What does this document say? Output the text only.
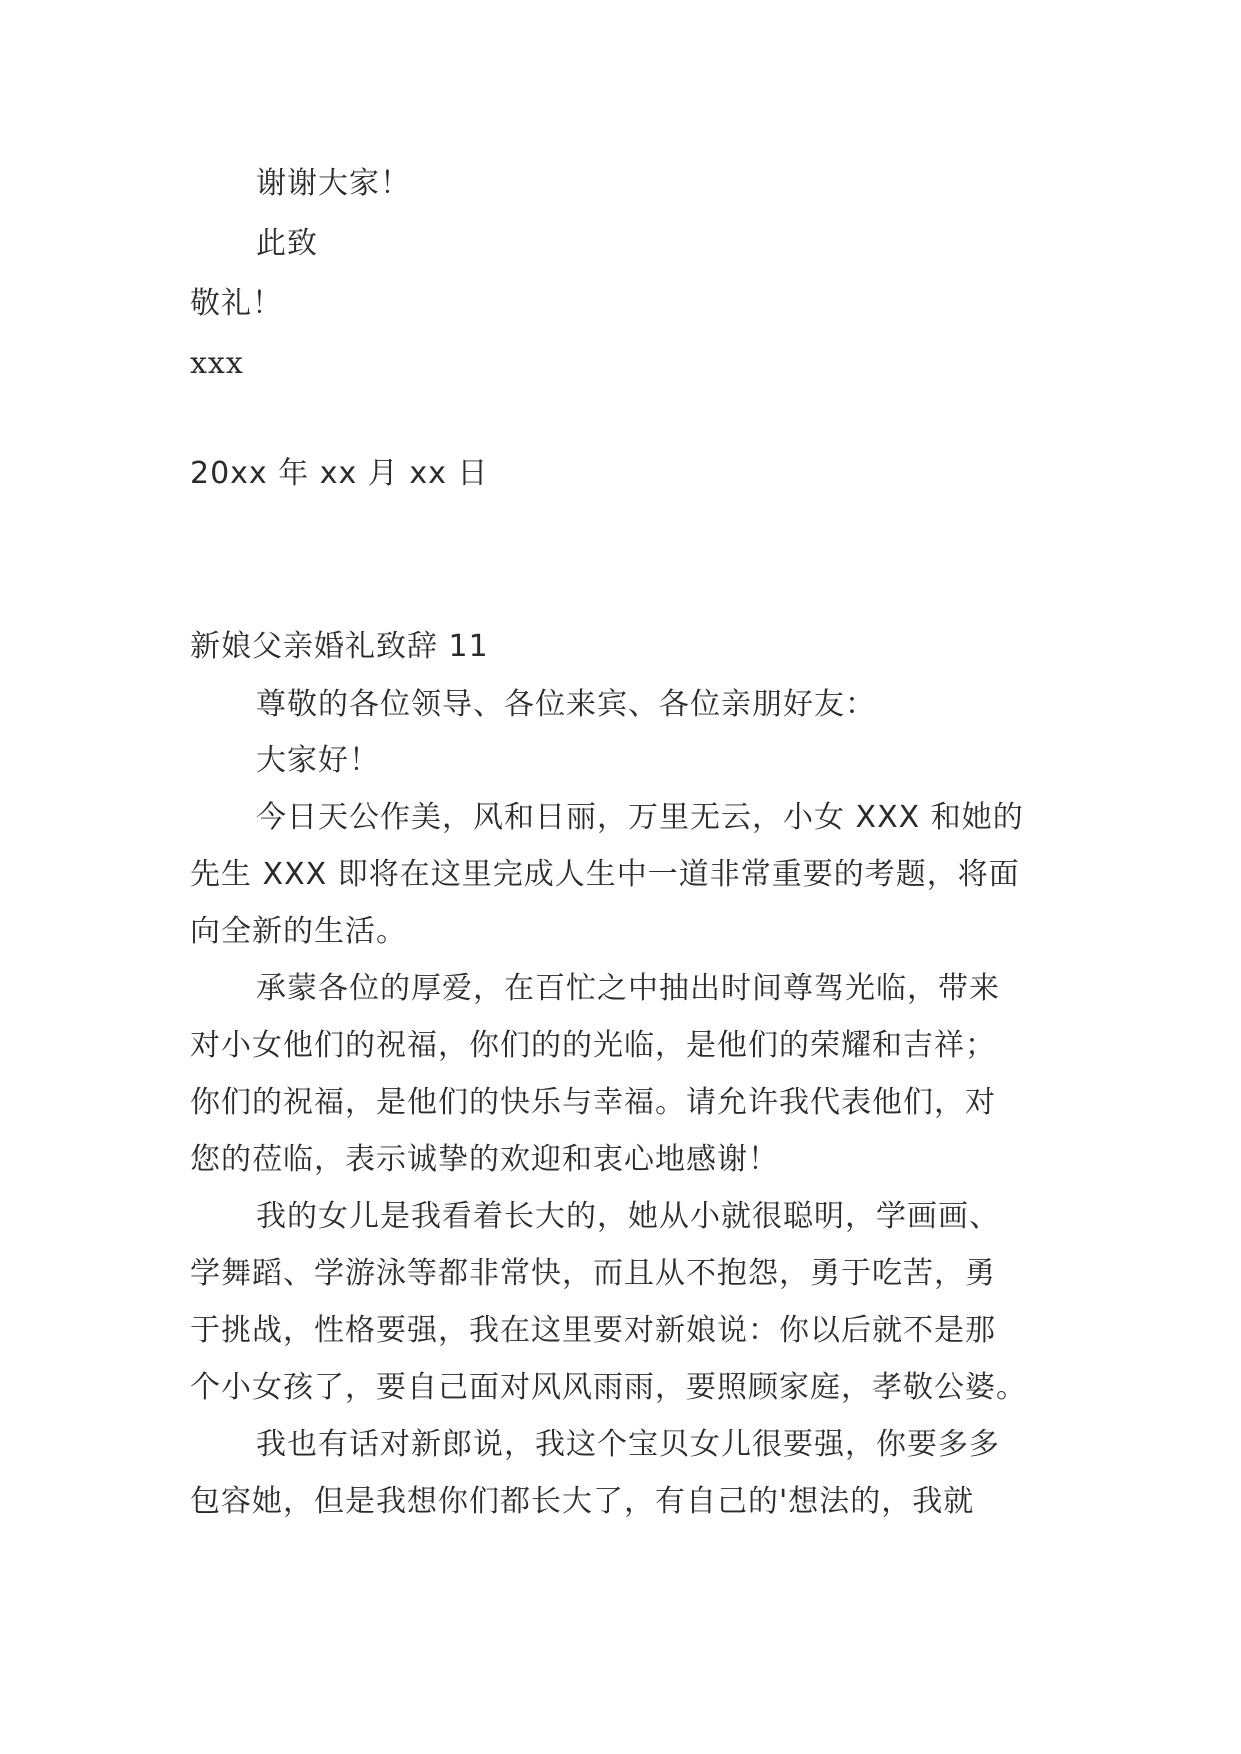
谢谢大家！
此致
敬礼！
xxx
20xx 年 xx 月 xx 日
新娘父亲婚礼致辞 11
尊敬的各位领导、各位来宾、各位亲朋好友：
大家好！
今日天公作美，风和日丽，万里无云，小女 XXX 和她的
先生 XXX 即将在这里完成人生中一道非常重要的考题，将面
向全新的生活。
承蒙各位的厚爱，在百忙之中抽出时间尊驾光临，带来
对小女他们的祝福，你们的的光临，是他们的荣耀和吉祥；
你们的祝福，是他们的快乐与幸福。请允许我代表他们，对
您的莅临，表示诚挚的欢迎和衷心地感谢！
我的女儿是我看着长大的，她从小就很聪明，学画画、
学舞蹈、学游泳等都非常快，而且从不抱怨，勇于吃苦，勇
于挑战，性格要强，我在这里要对新娘说：你以后就不是那
个小女孩了，要自己面对风风雨雨，要照顾家庭，孝敬公婆。
我也有话对新郎说，我这个宝贝女儿很要强，你要多多
包容她，但是我想你们都长大了，有自己的'想法的，我就
